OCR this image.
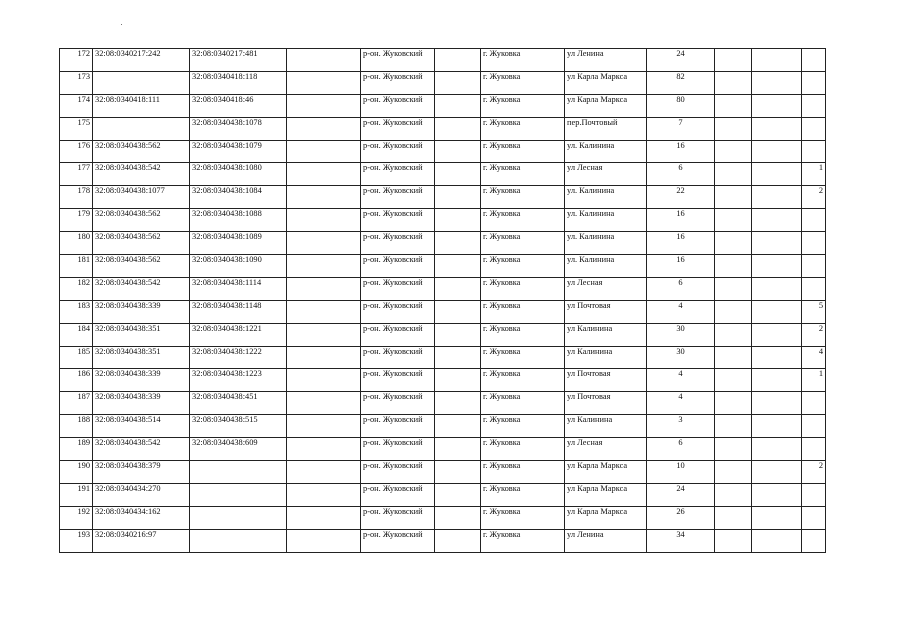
172	32:08:0340217:242	32:08:0340217:481		р-он. Жуковский		г. Жуковка	ул Ленина	24			
173		32:08:0340418:118		р-он. Жуковский		г. Жуковка	ул Карла Маркса	82			
174	32:08:0340418:111	32:08:0340418:46		р-он. Жуковский		г. Жуковка	ул Карла Маркса	80			
175		32:08:0340438:1078		р-он. Жуковский		г. Жуковка	пер.Почтовый	7			
176	32:08:0340438:562	32:08:0340438:1079		р-он. Жуковский		г. Жуковка	ул. Калинина	16			
177	32:08:0340438:542	32:08:0340438:1080		р-он. Жуковский		г. Жуковка	ул Лесная	6			1
178	32:08:0340438:1077	32:08:0340438:1084		р-он. Жуковский		г. Жуковка	ул. Калинина	22			2
179	32:08:0340438:562	32:08:0340438:1088		р-он. Жуковский		г. Жуковка	ул. Калинина	16			
180	32:08:0340438:562	32:08:0340438:1089		р-он. Жуковский		г. Жуковка	ул. Калинина	16			
181	32:08:0340438:562	32:08:0340438:1090		р-он. Жуковский		г. Жуковка	ул. Калинина	16			
182	32:08:0340438:542	32:08:0340438:1114		р-он. Жуковский		г. Жуковка	ул Лесная	6			
183	32:08:0340438:339	32:08:0340438:1148		р-он. Жуковский		г. Жуковка	ул Почтовая	4			5
184	32:08:0340438:351	32:08:0340438:1221		р-он. Жуковский		г. Жуковка	ул Калинина	30			2
185	32:08:0340438:351	32:08:0340438:1222		р-он. Жуковский		г. Жуковка	ул Калинина	30			4
186	32:08:0340438:339	32:08:0340438:1223		р-он. Жуковский		г. Жуковка	ул Почтовая	4			1
187	32:08:0340438:339	32:08:0340438:451		р-он. Жуковский		г. Жуковка	ул Почтовая	4			
188	32:08:0340438:514	32:08:0340438:515		р-он. Жуковский		г. Жуковка	ул Калинина	3			
189	32:08:0340438:542	32:08:0340438:609		р-он. Жуковский		г. Жуковка	ул Лесная	6			
190	32:08:0340438:379			р-он. Жуковский		г. Жуковка	ул Карла Маркса	10			2
191	32:08:0340434:270			р-он. Жуковский		г. Жуковка	ул Карла Маркса	24			
192	32:08:0340434:162			р-он. Жуковский		г. Жуковка	ул Карла Маркса	26			
193	32:08:0340216:97			р-он. Жуковский		г. Жуковка	ул Ленина	34			
